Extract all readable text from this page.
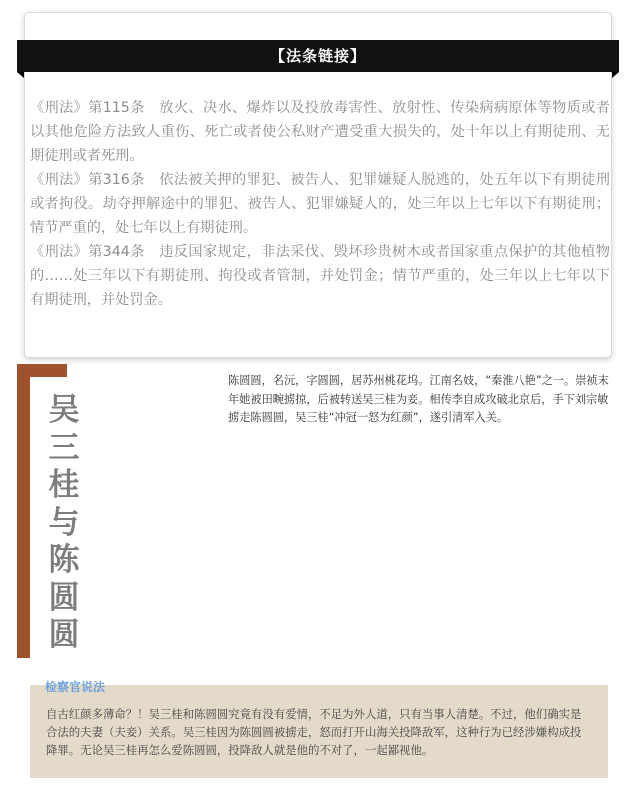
【法条链接】

《刑法》第115条　放火、决水、爆炸以及投放毒害性、放射性、传染病病原体等物质或者以其他危险方法致人重伤、死亡或者使公私财产遭受重大损失的，处十年以上有期徒刑、无期徒刑或者死刑。

《刑法》第316条　依法被关押的罪犯、被告人、犯罪嫌疑人脱逃的，处五年以下有期徒刑或者拘役。劫夺押解途中的罪犯、被告人、犯罪嫌疑人的，处三年以上七年以下有期徒刑；情节严重的，处七年以上有期徒刑。

《刑法》第344条　违反国家规定，非法采伐、毁坏珍贵树木或者国家重点保护的其他植物的……处三年以下有期徒刑、拘役或者管制，并处罚金；情节严重的，处三年以上七年以下有期徒刑，并处罚金。

吴
三
桂
与
陈
圆
圆

陈圆圆，名沅，字圆圆，居苏州桃花坞。江南名妓，“秦淮八艳”之一。崇祯末年她被田畹掳掠，后被转送吴三桂为妾。相传李自成攻破北京后，手下刘宗敏掳走陈圆圆，吴三桂“冲冠一怒为红颜”，遂引清军入关。

自古红颜多薄命？！吴三桂和陈圆圆究竟有没有爱情，不足为外人道，只有当事人清楚。不过，他们确实是合法的夫妻（夫妾）关系。吴三桂因为陈圆圆被掳走，怒而打开山海关投降敌军，这种行为已经涉嫌构成投降罪。无论吴三桂再怎么爱陈圆圆，投降敌人就是他的不对了，一起鄙视他。

检察官说法
